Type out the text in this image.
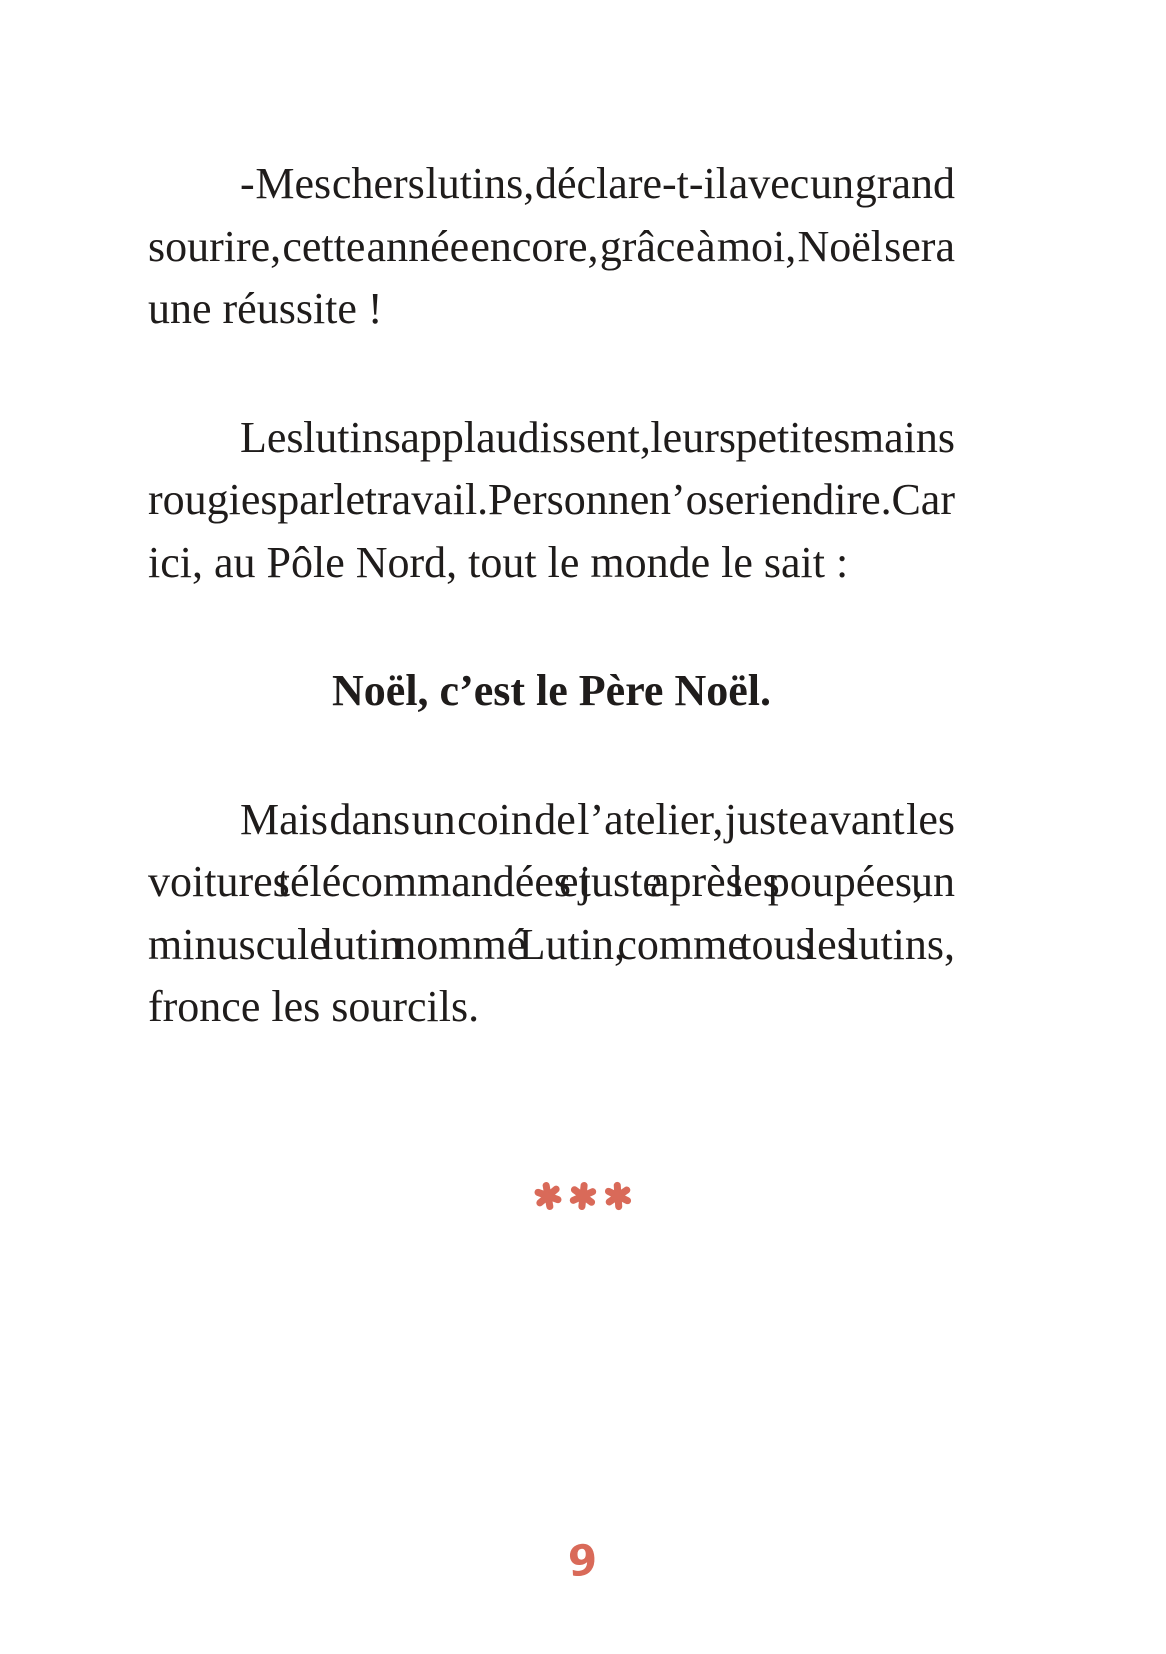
- Mes chers lutins, déclare-t-il avec un grand
sourire, cette année encore, grâce à moi, Noël sera
une réussite !
Les lutins applaudissent, leurs petites mains
rougies par le travail. Personne n’ose rien dire. Car
ici, au Pôle Nord, tout le monde le sait :
Noël, c’est le Père Noël.
Mais dans un coin de l’atelier, juste avant les
voitures télécommandées et juste après les poupées, un
minuscule lutin nommé Lutin, comme tous les lutins,
fronce les sourcils.
9
